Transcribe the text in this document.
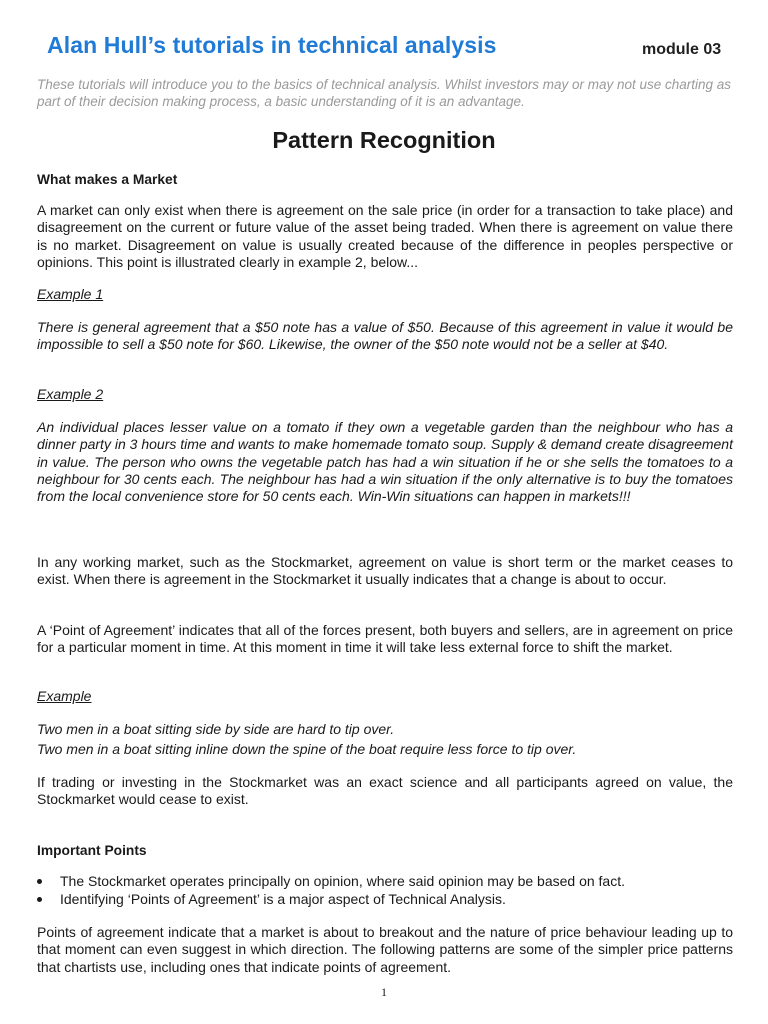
Alan Hull’s tutorials in technical analysis	module 03
These tutorials will introduce you to the basics of technical analysis. Whilst investors may or may not use charting as part of their decision making process, a basic understanding of it is an advantage.
Pattern Recognition
What makes a Market
A market can only exist when there is agreement on the sale price (in order for a transaction to take place) and disagreement on the current or future value of the asset being traded. When there is agreement on value there is no market. Disagreement on value is usually created because of the difference in peoples perspective or opinions. This point is illustrated clearly in example 2, below...
Example 1
There is general agreement that a $50 note has a value of $50. Because of this agreement in value it would be impossible to sell a $50 note for $60. Likewise, the owner of the $50 note would not be a seller at $40.
Example 2
An individual places lesser value on a tomato if they own a vegetable garden than the neighbour who has a dinner party in 3 hours time and wants to make homemade tomato soup. Supply & demand create disagreement in value. The person who owns the vegetable patch has had a win situation if he or she sells the tomatoes to a neighbour for 30 cents each. The neighbour has had a win situation if the only alternative is to buy the tomatoes from the local convenience store for 50 cents each. Win-Win situations can happen in markets!!!
In any working market, such as the Stockmarket, agreement on value is short term or the market ceases to exist. When there is agreement in the Stockmarket it usually indicates that a change is about to occur.
A ‘Point of Agreement’ indicates that all of the forces present, both buyers and sellers, are in agreement on price for a particular moment in time. At this moment in time it will take less external force to shift the market.
Example
Two men in a boat sitting side by side are hard to tip over.
Two men in a boat sitting inline down the spine of the boat require less force to tip over.
If trading or investing in the Stockmarket was an exact science and all participants agreed on value, the Stockmarket would cease to exist.
Important Points
The Stockmarket operates principally on opinion, where said opinion may be based on fact.
Identifying ‘Points of Agreement’ is a major aspect of Technical Analysis.
Points of agreement indicate that a market is about to breakout and the nature of price behaviour leading up to that moment can even suggest in which direction. The following patterns are some of the simpler price patterns that chartists use, including ones that indicate points of agreement.
1
